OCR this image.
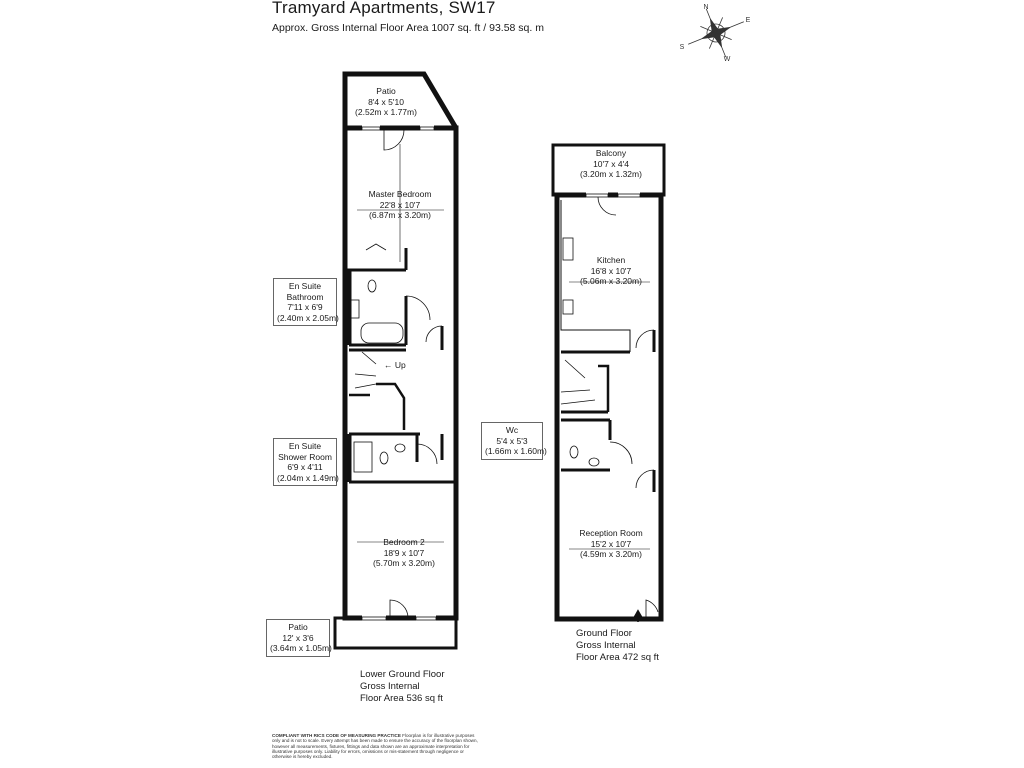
Tramyard Apartments, SW17
Approx. Gross Internal Floor Area 1007 sq. ft / 93.58 sq. m
N
E
S
W
Patio
8'4 x 5'10
(2.52m x 1.77m)
Master Bedroom
22'8 x 10'7
(6.87m x 3.20m)
En Suite
Bathroom
7'11 x 6'9
(2.40m x 2.05m)
← Up
En Suite
Shower Room
6'9 x 4'11
(2.04m x 1.49m)
Bedroom 2
18'9 x 10'7
(5.70m x 3.20m)
Patio
12' x 3'6
(3.64m x 1.05m)
Lower Ground Floor
Gross Internal
Floor Area 536 sq ft
Balcony
10'7 x 4'4
(3.20m x 1.32m)
Kitchen
16'8 x 10'7
(5.06m x 3.20m)
Wc
5'4 x 5'3
(1.66m x 1.60m)
Reception Room
15'2 x 10'7
(4.59m x 3.20m)
Ground Floor
Gross Internal
Floor Area 472 sq ft
COMPLIANT WITH RICS CODE OF MEASURING PRACTICE Floorplan is for illustrative purposes only and is not to scale. Every attempt has been made to ensure the accuracy of the floorplan shown, however all measurements, fixtures, fittings and data shown are an approximate interpretation for illustrative purposes only. Liability for errors, omissions or mis-statement through negligence or otherwise is hereby excluded.
